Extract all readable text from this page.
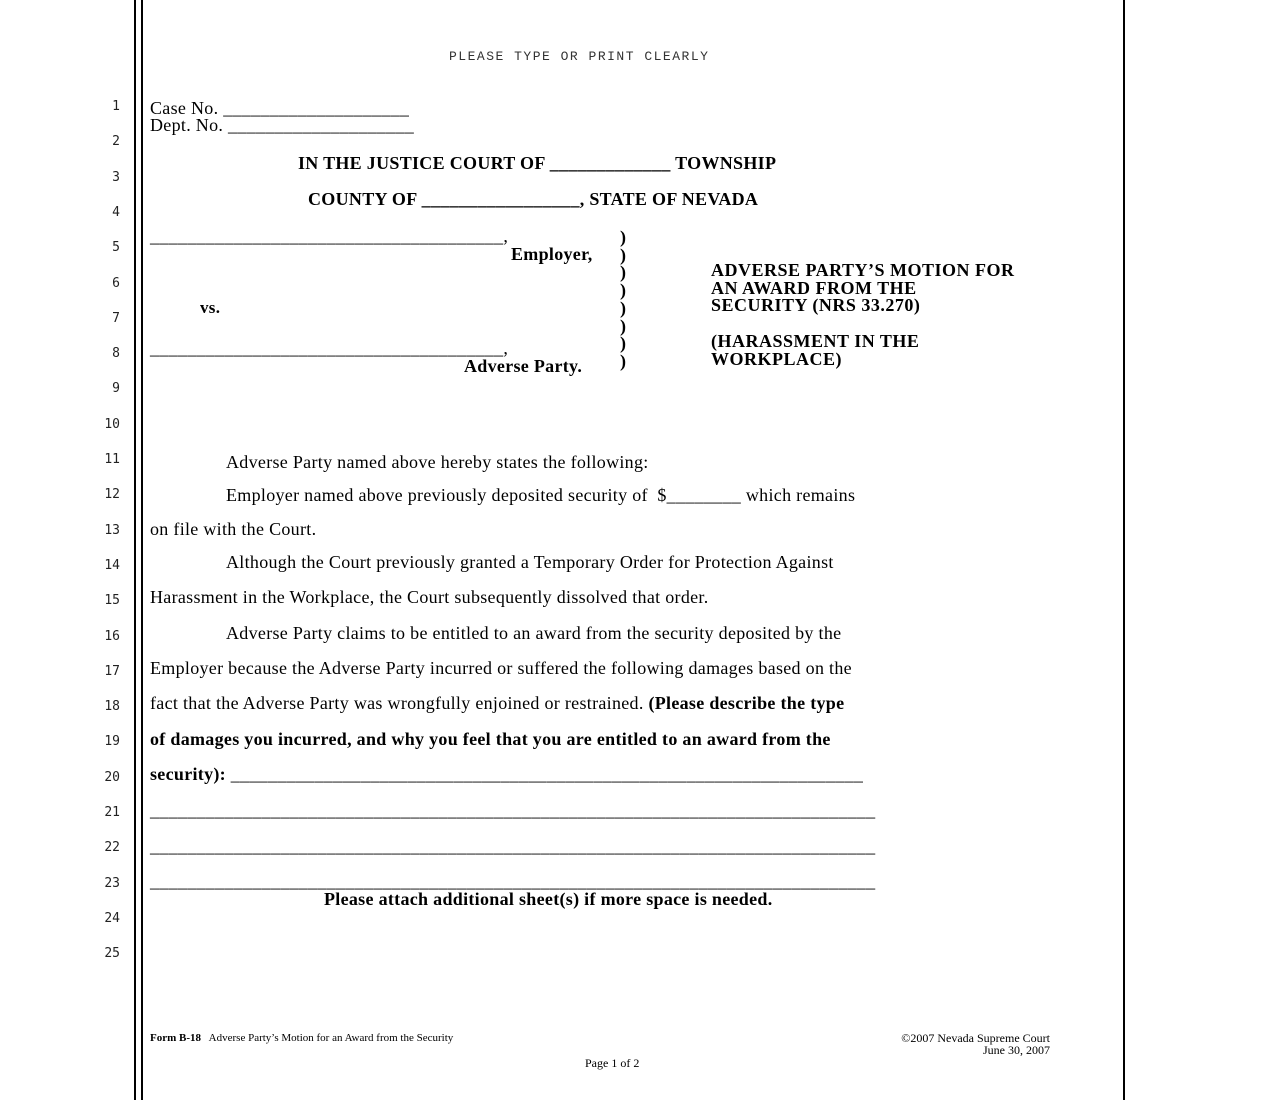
PLEASE TYPE OR PRINT CLEARLY
1
2
3
4
5
6
7
8
9
10
11
12
13
14
15
16
17
18
19
20
21
22
23
24
25
Case No. ____________________
Dept. No. ____________________
IN THE JUSTICE COURT OF _____________ TOWNSHIP
COUNTY OF _________________, STATE OF NEVADA
______________________________________,
Employer,
vs.
______________________________________,
Adverse Party.
)
)
)
)
)
)
)
)
ADVERSE PARTY’S MOTION FOR
AN AWARD FROM THE
SECURITY (NRS 33.270)
(HARASSMENT IN THE
WORKPLACE)
Adverse Party named above hereby states the following:
Employer named above previously deposited security of  $________ which remains
on file with the Court.
Although the Court previously granted a Temporary Order for Protection Against
Harassment in the Workplace, the Court subsequently dissolved that order.
Adverse Party claims to be entitled to an award from the security deposited by the
Employer because the Adverse Party incurred or suffered the following damages based on the
fact that the Adverse Party was wrongfully enjoined or restrained. (Please describe the type
of damages you incurred, and why you feel that you are entitled to an award from the
security): ____________________________________________________________________
______________________________________________________________________________
______________________________________________________________________________
______________________________________________________________________________
Please attach additional sheet(s) if more space is needed.
Form B-18 Adverse Party’s Motion for an Award from the Security	©2007 Nevada Supreme Court
June 30, 2007
Page 1 of 2
